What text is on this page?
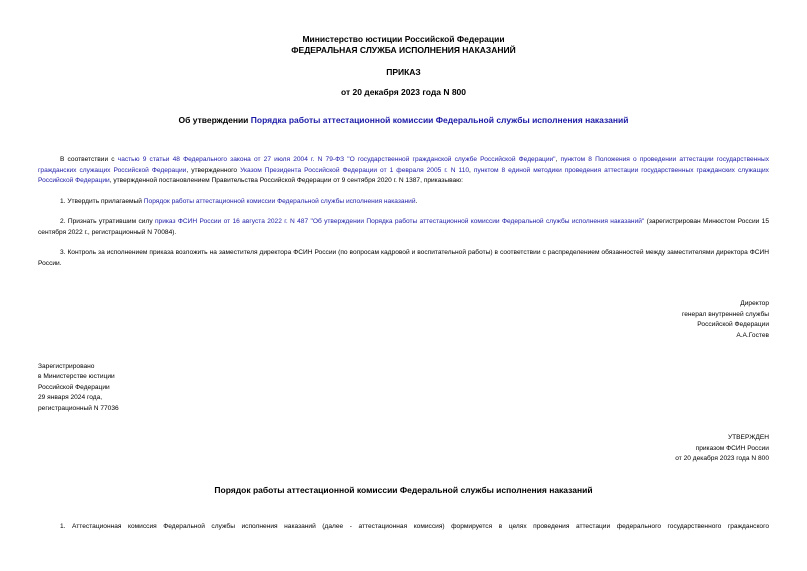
Министерство юстиции Российской Федерации
ФЕДЕРАЛЬНАЯ СЛУЖБА ИСПОЛНЕНИЯ НАКАЗАНИЙ
ПРИКАЗ
от 20 декабря 2023 года N 800
Об утверждении Порядка работы аттестационной комиссии Федеральной службы исполнения наказаний
В соответствии с частью 9 статьи 48 Федерального закона от 27 июля 2004 г. N 79-ФЗ "О государственной гражданской службе Российской Федерации", пунктом 8 Положения о проведении аттестации государственных гражданских служащих Российской Федерации, утвержденного Указом Президента Российской Федерации от 1 февраля 2005 г. N 110, пунктом 8 единой методики проведения аттестации государственных гражданских служащих Российской Федерации, утвержденной постановлением Правительства Российской Федерации от 9 сентября 2020 г. N 1387, приказываю:
1. Утвердить прилагаемый Порядок работы аттестационной комиссии Федеральной службы исполнения наказаний.
2. Признать утратившим силу приказ ФСИН России от 16 августа 2022 г. N 487 "Об утверждении Порядка работы аттестационной комиссии Федеральной службы исполнения наказаний" (зарегистрирован Минюстом России 15 сентября 2022 г., регистрационный N 70084).
3. Контроль за исполнением приказа возложить на заместителя директора ФСИН России (по вопросам кадровой и воспитательной работы) в соответствии с распределением обязанностей между заместителями директора ФСИН России.
Директор
генерал внутренней службы
Российской Федерации
А.А.Гостев
Зарегистрировано
в Министерстве юстиции
Российской Федерации
29 января 2024 года,
регистрационный N 77036
УТВЕРЖДЕН
приказом ФСИН России
от 20 декабря 2023 года N 800
Порядок работы аттестационной комиссии Федеральной службы исполнения наказаний
1. Аттестационная комиссия Федеральной службы исполнения наказаний (далее - аттестационная комиссия) формируется в целях проведения аттестации федерального государственного гражданского
